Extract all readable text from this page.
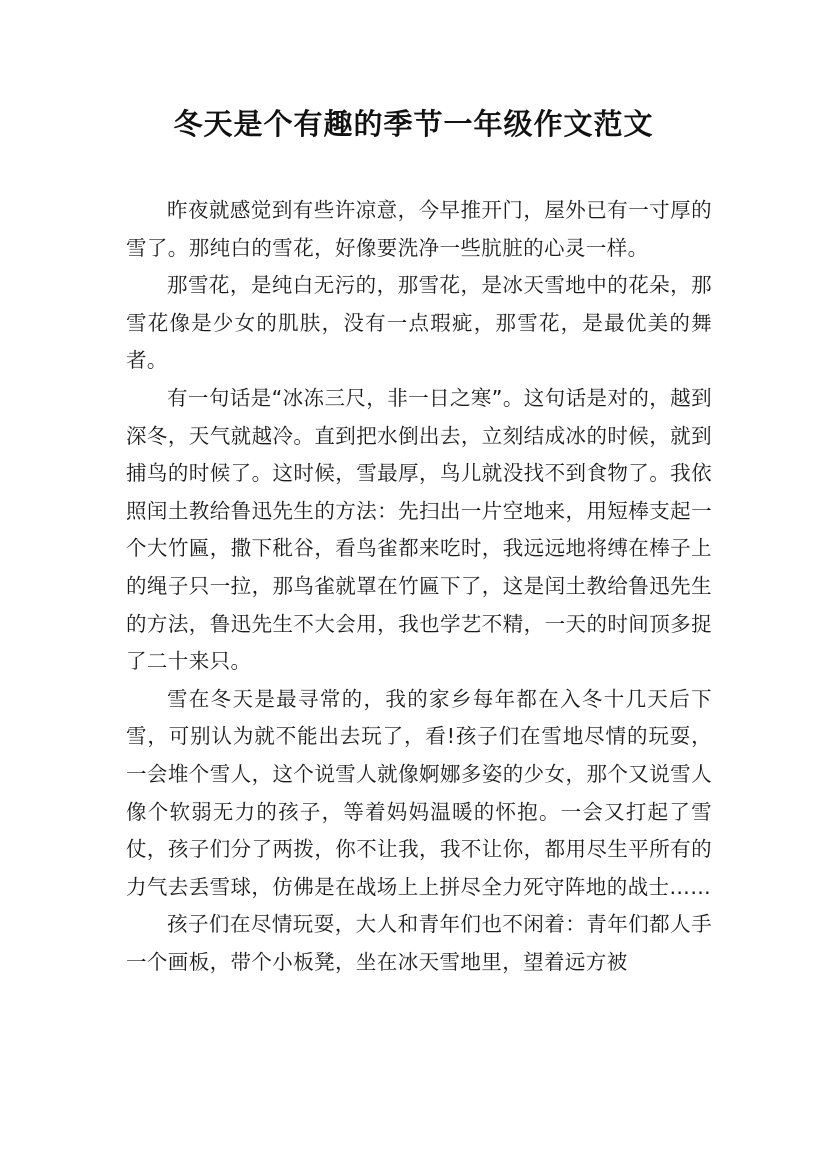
冬天是个有趣的季节一年级作文范文

昨夜就感觉到有些许凉意，今早推开门，屋外已有一寸厚的雪了。那纯白的雪花，好像要洗净一些肮脏的心灵一样。

那雪花，是纯白无污的，那雪花，是冰天雪地中的花朵，那雪花像是少女的肌肤，没有一点瑕疵，那雪花，是最优美的舞者。

有一句话是“冰冻三尺，非一日之寒”。这句话是对的，越到深冬，天气就越冷。直到把水倒出去，立刻结成冰的时候，就到捕鸟的时候了。这时候，雪最厚，鸟儿就没找不到食物了。我依照闰土教给鲁迅先生的方法：先扫出一片空地来，用短棒支起一个大竹匾，撒下秕谷，看鸟雀都来吃时，我远远地将缚在棒子上的绳子只一拉，那鸟雀就罩在竹匾下了，这是闰土教给鲁迅先生的方法，鲁迅先生不大会用，我也学艺不精，一天的时间顶多捉了二十来只。

雪在冬天是最寻常的，我的家乡每年都在入冬十几天后下雪，可别认为就不能出去玩了，看!孩子们在雪地尽情的玩耍，一会堆个雪人，这个说雪人就像婀娜多姿的少女，那个又说雪人像个软弱无力的孩子，等着妈妈温暖的怀抱。一会又打起了雪仗，孩子们分了两拨，你不让我，我不让你，都用尽生平所有的力气去丢雪球，仿佛是在战场上上拼尽全力死守阵地的战士……

孩子们在尽情玩耍，大人和青年们也不闲着：青年们都人手一个画板，带个小板凳，坐在冰天雪地里，望着远方被
